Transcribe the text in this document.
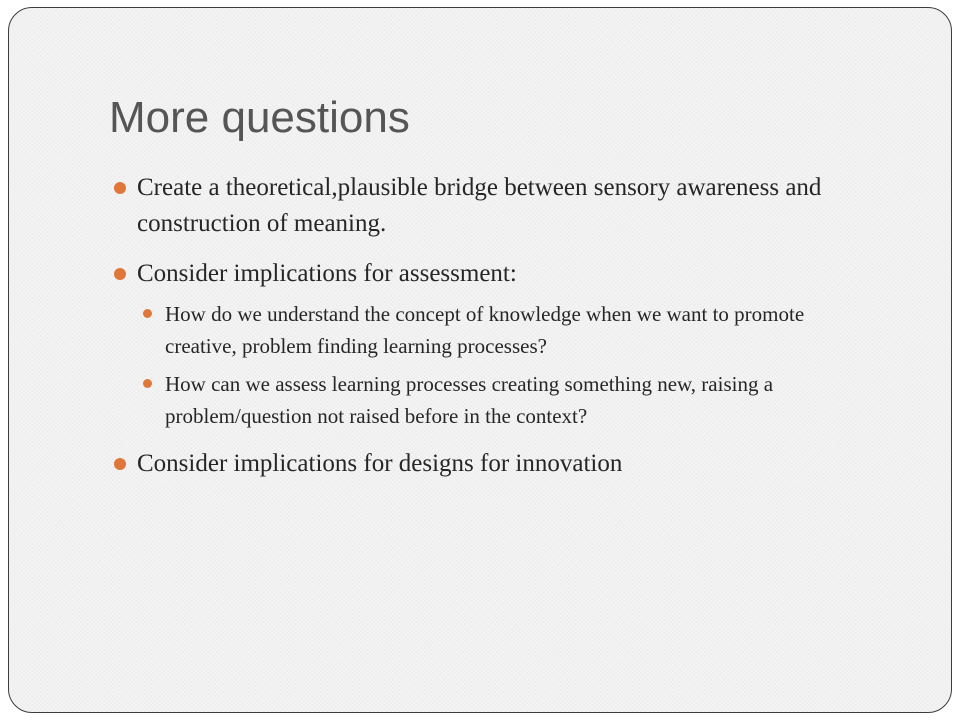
More questions
Create a theoretical,plausible bridge between sensory awareness and construction of meaning.
Consider implications for assessment:
How do we understand the concept of knowledge when we want to promote creative, problem finding learning processes?
How can we assess learning processes creating something new, raising a problem/question not raised before in the context?
Consider implications for designs for innovation
